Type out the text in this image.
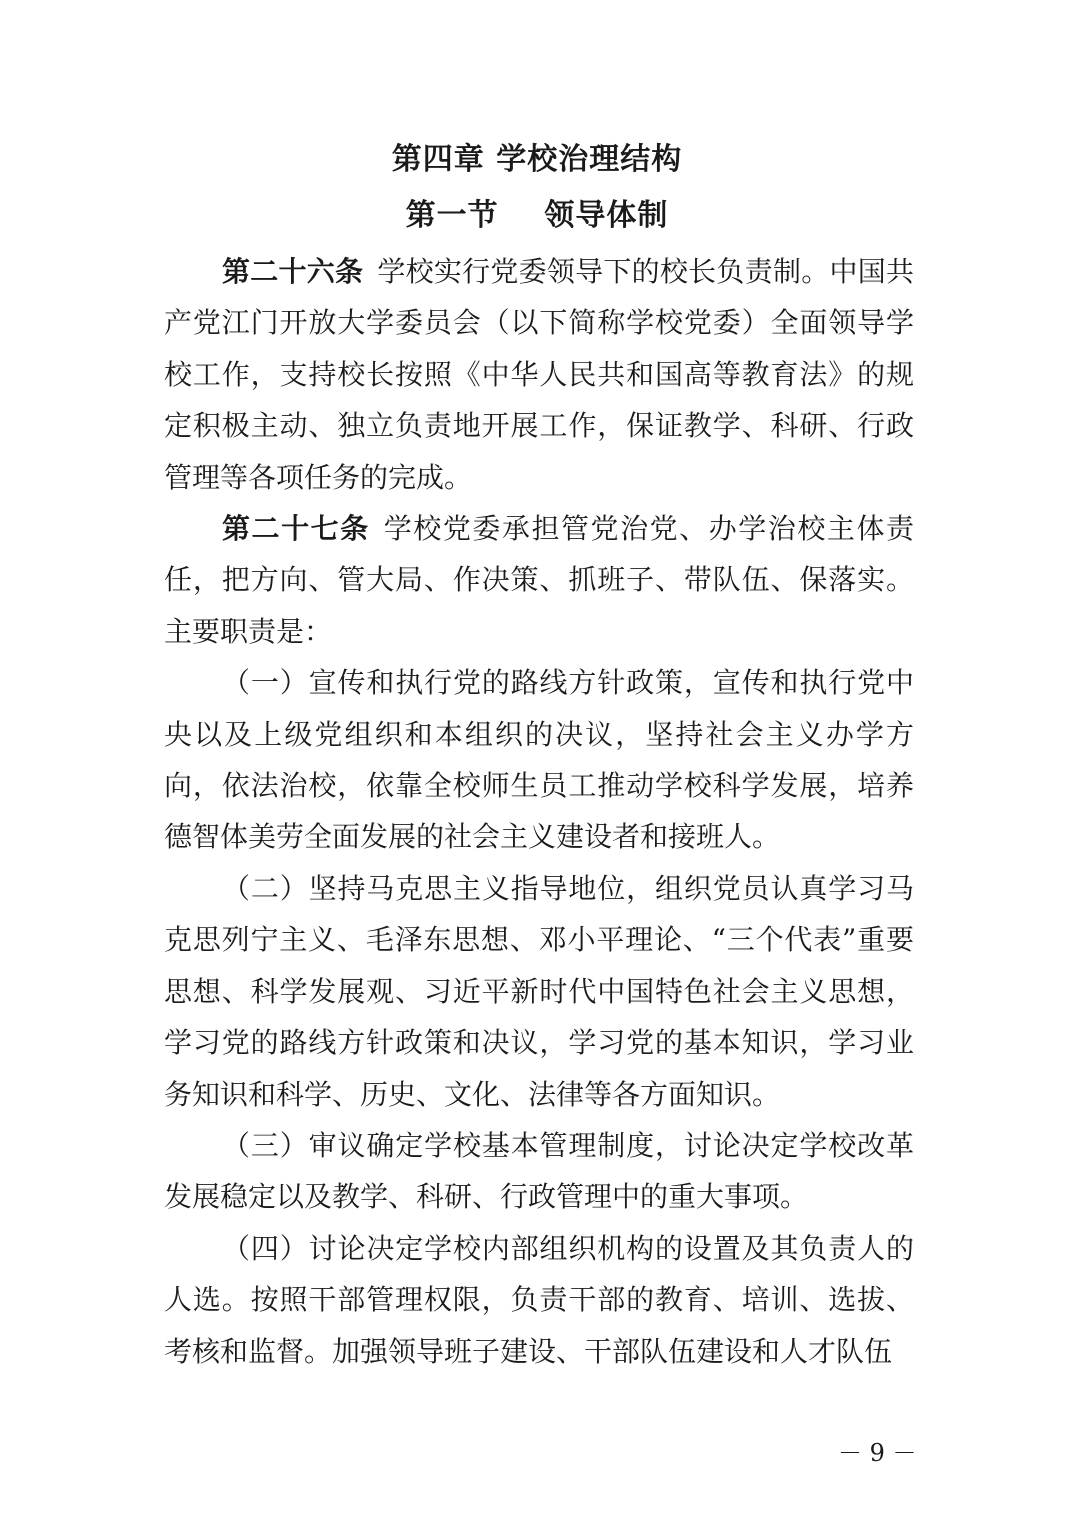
第四章 学校治理结构
第一节    领导体制

第二十六条 学校实行党委领导下的校长负责制。中国共产党江门开放大学委员会（以下简称学校党委）全面领导学校工作，支持校长按照《中华人民共和国高等教育法》的规定积极主动、独立负责地开展工作，保证教学、科研、行政管理等各项任务的完成。

第二十七条 学校党委承担管党治党、办学治校主体责任，把方向、管大局、作决策、抓班子、带队伍、保落实。主要职责是：

（一）宣传和执行党的路线方针政策，宣传和执行党中央以及上级党组织和本组织的决议，坚持社会主义办学方向，依法治校，依靠全校师生员工推动学校科学发展，培养德智体美劳全面发展的社会主义建设者和接班人。

（二）坚持马克思主义指导地位，组织党员认真学习马克思列宁主义、毛泽东思想、邓小平理论、“三个代表”重要思想、科学发展观、习近平新时代中国特色社会主义思想，学习党的路线方针政策和决议，学习党的基本知识，学习业务知识和科学、历史、文化、法律等各方面知识。

（三）审议确定学校基本管理制度，讨论决定学校改革发展稳定以及教学、科研、行政管理中的重大事项。

（四）讨论决定学校内部组织机构的设置及其负责人的人选。按照干部管理权限，负责干部的教育、培训、选拔、考核和监督。加强领导班子建设、干部队伍建设和人才队伍

－ 9 －
